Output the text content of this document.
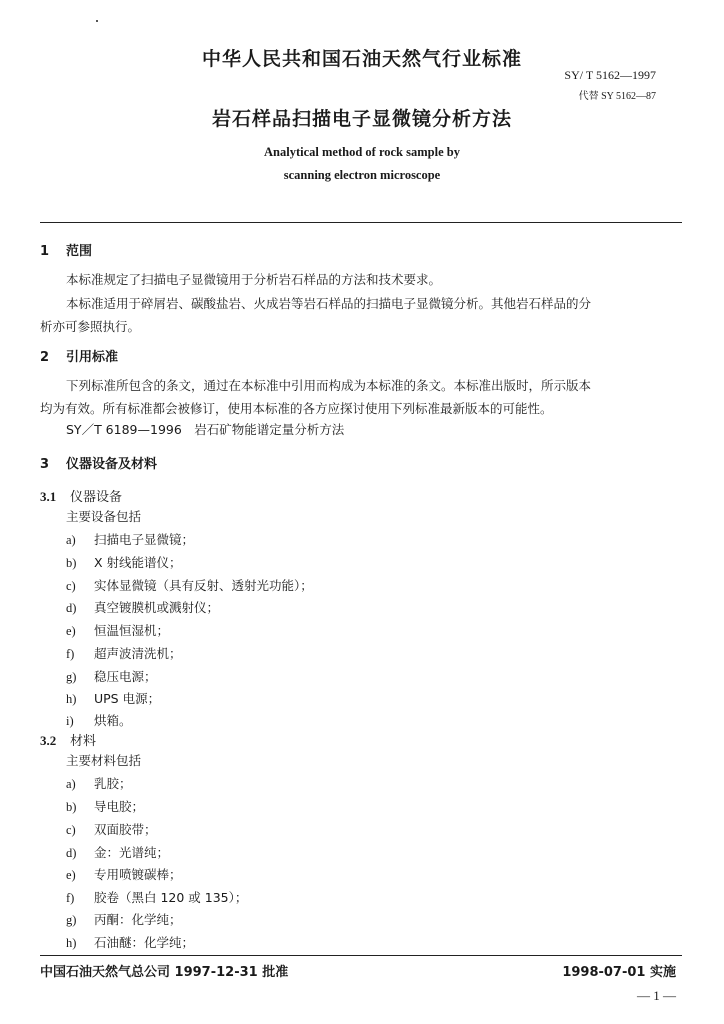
中华人民共和国石油天然气行业标准
SY/ T 5162—1997
代替 SY 5162—87
岩石样品扫描电子显微镜分析方法
Analytical method of rock sample by
scanning electron microscope
1 范围
本标准规定了扫描电子显微镜用于分析岩石样品的方法和技术要求。
本标准适用于碎屑岩、碳酸盐岩、火成岩等岩石样品的扫描电子显微镜分析。其他岩石样品的分
析亦可参照执行。
2 引用标准
下列标准所包含的条文，通过在本标准中引用而构成为本标准的条文。本标准出版时，所示版本
均为有效。所有标准都会被修订，使用本标准的各方应探讨使用下列标准最新版本的可能性。
SY／T 6189—1996　岩石矿物能谱定量分析方法
3 仪器设备及材料
3.1 仪器设备
主要设备包括
a) 扫描电子显微镜；
b) X 射线能谱仪；
c) 实体显微镜（具有反射、透射光功能）；
d) 真空镀膜机或溅射仪；
e) 恒温恒湿机；
f) 超声波清洗机；
g) 稳压电源；
h) UPS 电源；
i) 烘箱。
3.2 材料
主要材料包括
a) 乳胶；
b) 导电胶；
c) 双面胶带；
d) 金：光谱纯；
e) 专用喷镀碳棒；
f) 胶卷（黑白 120 或 135）；
g) 丙酮：化学纯；
h) 石油醚：化学纯；
中国石油天然气总公司 1997-12-31 批准	1998-07-01 实施
— 1 —
